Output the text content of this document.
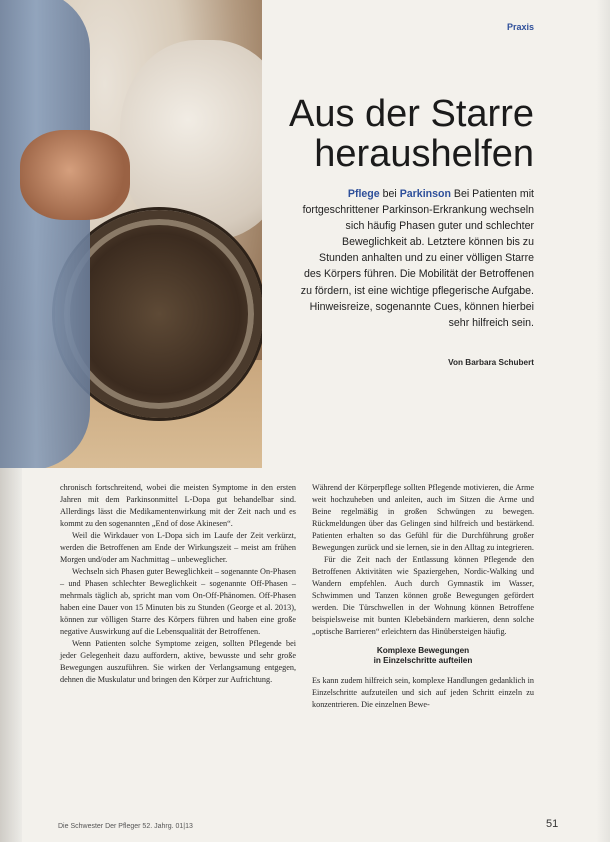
Praxis
Aus der Starre
heraushelfen
Pflege bei Parkinson Bei Patienten mit fortgeschrittener Parkinson-Erkrankung wechseln sich häufig Phasen guter und schlechter Beweglichkeit ab. Letztere können bis zu Stunden anhalten und zu einer völligen Starre des Körpers führen. Die Mobilität der Betroffenen zu fördern, ist eine wichtige pflegerische Aufgabe. Hinweisreize, sogenannte Cues, können hierbei sehr hilfreich sein.
Von Barbara Schubert

chronisch fortschreitend, wobei die meisten Symptome in den ersten Jahren mit dem Parkinsonmittel L-Dopa gut behandelbar sind. Allerdings lässt die Medikamentenwirkung mit der Zeit nach und es kommt zu den sogenannten „End of dose Akinesen“.

Weil die Wirkdauer von L-Dopa sich im Laufe der Zeit verkürzt, werden die Betroffenen am Ende der Wirkungszeit – meist am frühen Morgen und/oder am Nachmittag – unbeweglicher.

Wechseln sich Phasen guter Beweglichkeit – sogenannte On-Phasen – und Phasen schlechter Beweglichkeit – sogenannte Off-Phasen – mehrmals täglich ab, spricht man vom On-Off-Phänomen. Off-Phasen haben eine Dauer von 15 Minuten bis zu Stunden (George et al. 2013), können zur völligen Starre des Körpers führen und haben eine große negative Auswirkung auf die Lebensqualität der Betroffenen.

Wenn Patienten solche Symptome zeigen, sollten Pflegende bei jeder Gelegenheit dazu auffordern, aktive, bewusste und sehr große Bewegungen auszuführen. Sie wirken der Verlangsamung entgegen, dehnen die Muskulatur und bringen den Körper zur Aufrichtung.

Während der Körperpflege sollten Pflegende motivieren, die Arme weit hochzuheben und anleiten, auch im Sitzen die Arme und Beine regelmäßig in großen Schwüngen zu bewegen. Rückmeldungen über das Gelingen sind hilfreich und bestärkend. Patienten erhalten so das Gefühl für die Durchführung großer Bewegungen zurück und sie lernen, sie in den Alltag zu integrieren.

Für die Zeit nach der Entlassung können Pflegende den Betroffenen Aktivitäten wie Spaziergehen, Nordic-Walking und Wandern empfehlen. Auch durch Gymnastik im Wasser, Schwimmen und Tanzen können große Bewegungen gefördert werden. Die Türschwellen in der Wohnung können Betroffene beispielsweise mit bunten Klebebändern markieren, denn solche „optische Barrieren“ erleichtern das Hinübersteigen häufig.

Komplexe Bewegungen
in Einzelschritte aufteilen

Es kann zudem hilfreich sein, komplexe Handlungen gedanklich in Einzelschritte aufzuteilen und sich auf jeden Schritt einzeln zu konzentrieren. Die einzelnen Bewe-

Die Schwester Der Pfleger 52. Jahrg. 01|13	51
